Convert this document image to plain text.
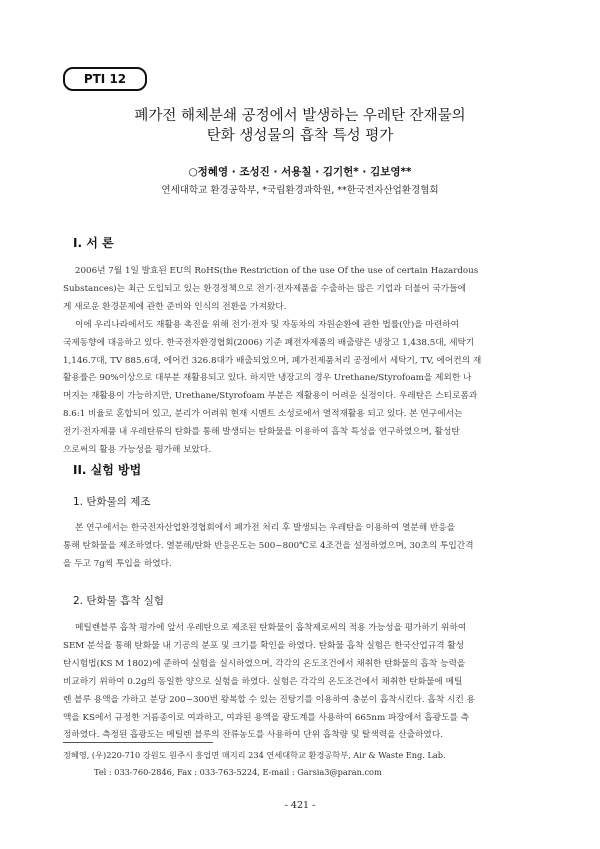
PTI 12
폐가전 해체분쇄 공정에서 발생하는 우레탄 잔재물의
탄화 생성물의 흡착 특성 평가
○정혜영 · 조성진 · 서용칠 · 김기헌* · 김보영**
연세대학교 환경공학부, *국립환경과학원, **한국전자산업환경협회
I. 서 론

2006년 7월 1일 발효된 EU의 RoHS(the Restriction of the use Of the use of certain Hazardous

Substances)는 최근 도입되고 있는 환경정책으로 전기·전자제품을 수출하는 많은 기업과 더불어 국가들에

게 새로운 환경문제에 관한 준비와 인식의 전환을 가져왔다.

이에 우리나라에서도 재활용 촉진을 위해 전기·전자 및 자동차의 자원순환에 관한 법률(안)을 마련하여

국제동향에 대응하고 있다. 한국전자환경협회(2006) 기준 폐전자제품의 배출량은 냉장고 1,438.5대, 세탁기

1,146.7대, TV 885.6대, 에어컨 326.8대가 배출되었으며, 폐가전제품처리 공정에서 세탁기, TV, 에어컨의 재

활용률은 90%이상으로 대부분 재활용되고 있다. 하지만 냉장고의 경우 Urethane/Styrofoam을 제외한 나

머지는 재활용이 가능하지만, Urethane/Styrofoam 부분은 재활용이 어려운 실정이다. 우레탄은 스티로폼과

8.6:1 비율로 혼합되어 있고, 분리가 어려워 현재 시멘트 소성로에서 열적재활용 되고 있다. 본 연구에서는

전기·전자제품 내 우레탄류의 탄화를 통해 발생되는 탄화물을 이용하여 흡착 특성을 연구하였으며, 활성탄

으로써의 활용 가능성을 평가해 보았다.

II. 실험 방법
1. 탄화물의 제조

본 연구에서는 한국전자산업환경협회에서 폐가전 처리 후 발생되는 우레탄을 이용하여 열분해 반응을

통해 탄화물을 제조하였다. 열분해/탄화 반응온도는 500~800℃로 4조건을 설정하였으며, 30초의 투입간격

을 두고 7g씩 투입을 하였다.

2. 탄화물 흡착 실험

메틸렌블루 흡착 평가에 앞서 우레탄으로 제조된 탄화물이 흡착제로써의 적용 가능성을 평가하기 위하여

SEM 분석을 통해 탄화물 내 기공의 분포 및 크기를 확인을 하였다. 탄화물 흡착 실험은 한국산업규격 활성

탄시험법(KS M 1802)에 준하여 실험을 실시하였으며, 각각의 온도조건에서 채취한 탄화물의 흡착 능력을

비교하기 위하여 0.2g의 동일한 양으로 실험을 하였다. 실험은 각각의 온도조건에서 채취한 탄화물에 메틸

렌 블루 용액을 가하고 분당 200~300번 왕복할 수 있는 진탕기를 이용하여 충분이 흡착시킨다. 흡착 시킨 용

액을 KS에서 규정한 거름종이로 여과하고, 여과된 용액을 광도계를 사용하여 665nm 파장에서 흡광도를 측

정하였다. 측정된 흡광도는 메틸렌 블루의 잔류농도를 사용하여 단위 흡착량 및 탈색력을 산출하였다.

정혜영, (우)220-710 강원도 원주시 흥업면 매지리 234 연세대학교 환경공학부, Air & Waste Eng. Lab.
Tel : 033-760-2846, Fax : 033-763-5224, E-mail : Garsia3@paran.com
- 421 -
